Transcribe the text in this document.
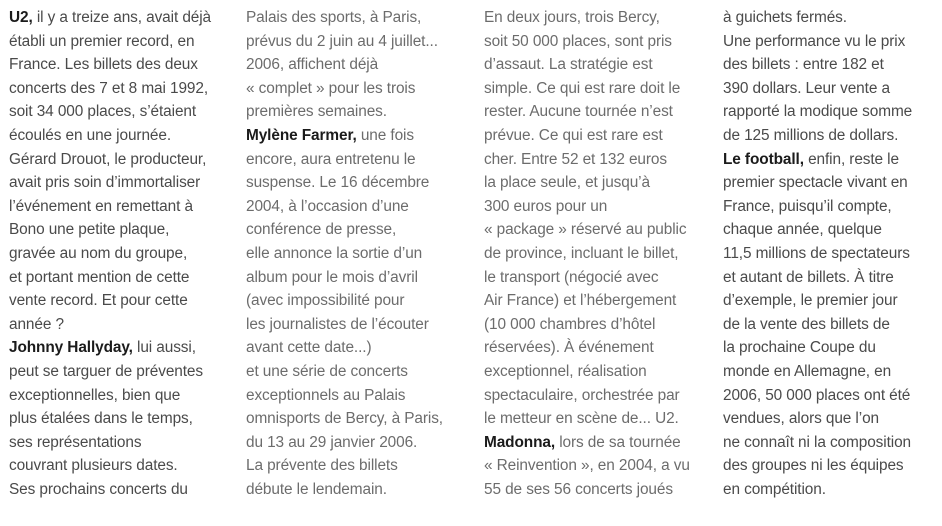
U2, il y a treize ans, avait déjà
établi un premier record, en
France. Les billets des deux
concerts des 7 et 8 mai 1992,
soit 34 000 places, s’étaient
écoulés en une journée.
Gérard Drouot, le producteur,
avait pris soin d’immortaliser
l’événement en remettant à
Bono une petite plaque,
gravée au nom du groupe,
et portant mention de cette
vente record. Et pour cette
année ?
Johnny Hallyday, lui aussi,
peut se targuer de préventes
exceptionnelles, bien que
plus étalées dans le temps,
ses représentations
couvrant plusieurs dates.
Ses prochains concerts du
Palais des sports, à Paris,
prévus du 2 juin au 4 juillet...
2006, affichent déjà
« complet » pour les trois
premières semaines.
Mylène Farmer, une fois
encore, aura entretenu le
suspense. Le 16 décembre
2004, à l’occasion d’une
conférence de presse,
elle annonce la sortie d’un
album pour le mois d’avril
(avec impossibilité pour
les journalistes de l’écouter
avant cette date...)
et une série de concerts
exceptionnels au Palais
omnisports de Bercy, à Paris,
du 13 au 29 janvier 2006.
La prévente des billets
débute le lendemain.
En deux jours, trois Bercy,
soit 50 000 places, sont pris
d’assaut. La stratégie est
simple. Ce qui est rare doit le
rester. Aucune tournée n’est
prévue. Ce qui est rare est
cher. Entre 52 et 132 euros
la place seule, et jusqu’à
300 euros pour un
« package » réservé au public
de province, incluant le billet,
le transport (négocié avec
Air France) et l’hébergement
(10 000 chambres d’hôtel
réservées). À événement
exceptionnel, réalisation
spectaculaire, orchestrée par
le metteur en scène de... U2.
Madonna, lors de sa tournée
« Reinvention », en 2004, a vu
55 de ses 56 concerts joués
à guichets fermés.
Une performance vu le prix
des billets : entre 182 et
390 dollars. Leur vente a
rapporté la modique somme
de 125 millions de dollars.
Le football, enfin, reste le
premier spectacle vivant en
France, puisqu’il compte,
chaque année, quelque
11,5 millions de spectateurs
et autant de billets. À titre
d’exemple, le premier jour
de la vente des billets de
la prochaine Coupe du
monde en Allemagne, en
2006, 50 000 places ont été
vendues, alors que l’on
ne connaît ni la composition
des groupes ni les équipes
en compétition.
